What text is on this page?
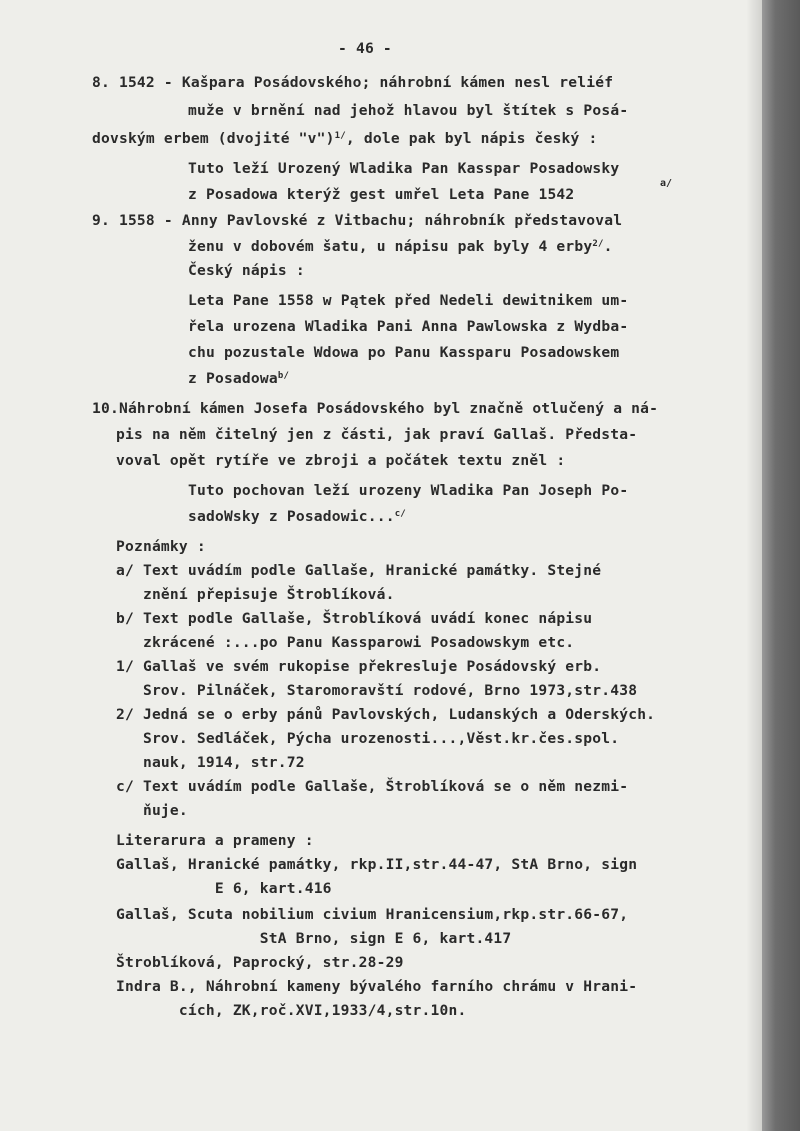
- 46 -
8. 1542 - Kašpara Posádovského; náhrobní kámen nesl reliéf
muže v brnění nad jehož hlavou byl štítek s Posá-
dovským erbem (dvojité "v")$^{1/}$, dole pak byl nápis český :
Tuto leží Urozený Wladika Pan Kasspar Posadowsky
z Posadowa kterýž gest umřel Leta Pane 1542
a/
9. 1558 - Anny Pavlovské z Vitbachu; náhrobník představoval
ženu v dobovém šatu, u nápisu pak byly 4 erby$^{2/}$.
Český nápis :
Leta Pane 1558 w Pątek před Nedeli dewitnikem um-
řela urozena Wladika Pani Anna Pawlowska z Wydba-
chu pozustale Wdowa po Panu Kassparu Posadowskem
z Posadowa$^{b/}$
10.Náhrobní kámen Josefa Posádovského byl značně otlučený a ná-
pis na něm čitelný jen z části, jak praví Gallaš. Předsta-
voval opět rytíře ve zbroji a počátek textu zněl :
Tuto pochovan leží urozeny Wladika Pan Joseph Po-
sadoWsky z Posadowic...$^{c/}$
Poznámky :
a/ Text uvádím podle Gallaše, Hranické památky. Stejné
znění přepisuje Štroblíková.
b/ Text podle Gallaše, Štroblíková uvádí konec nápisu
zkrácené :...po Panu Kassparowi Posadowskym etc.
1/ Gallaš ve svém rukopise překresluje Posádovský erb.
Srov. Pilnáček, Staromoravští rodové, Brno 1973,str.438
2/ Jedná se o erby pánů Pavlovských, Ludanských a Oderských.
Srov. Sedláček, Pýcha urozenosti...,Věst.kr.čes.spol.
nauk, 1914, str.72
c/ Text uvádím podle Gallaše, Štroblíková se o něm nezmi-
ňuje.
Literarura a prameny :
Gallaš, Hranické památky, rkp.II,str.44-47, StA Brno, sign
E 6, kart.416
Gallaš, Scuta nobilium civium Hranicensium,rkp.str.66-67,
StA Brno, sign E 6, kart.417
Štroblíková, Paprocký, str.28-29
Indra B., Náhrobní kameny bývalého farního chrámu v Hrani-
cích, ZK,roč.XVI,1933/4,str.10n.
